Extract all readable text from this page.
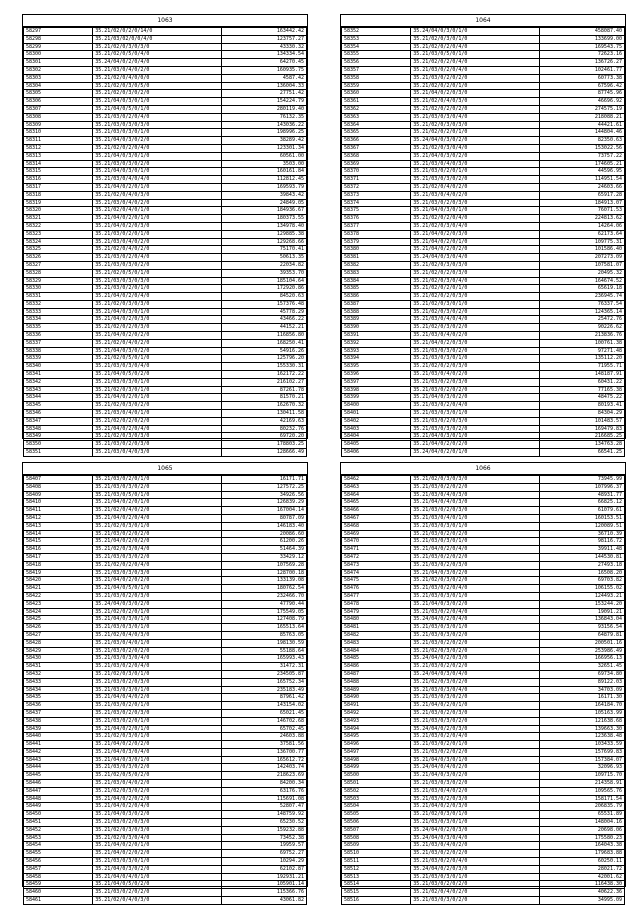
1063
58297	35.21/02/0/2/0/14/0	163442.42
58298	35.21/03/02/0/0/4/0	123757.27
58299	35.21/02/0/3/0/3/0	43330.32
58300	35.21/02/0/5/0/4/0	134334.54
58301	35.24/04/0/2/0/4/0	64270.45
58302	35.21/03/0/4/0/2/0	160935.75
58303	35.21/02/0/4/0/0/0	4587.42
58304	35.21/02/0/3/0/5/0	136004.33
58305	35.21/02/0/3/0/2/0	27751.42
58306	35.21/04/0/3/0/1/0	154224.79
58307	35.21/04/0/5/0/1/0	280119.40
58308	35.21/03/0/2/0/4/0	76132.35
58309	35.21/03/0/3/0/3/0	143036.22
58310	35.21/03/0/3/0/1/0	198996.25
58311	35.21/04/0/3/0/2/0	38289.42
58312	35.21/02/0/2/0/4/0	123301.34
58313	35.21/04/0/3/0/1/0	60561.00
58314	35.21/03/0/3/0/2/0	3503.00
58315	35.21/04/0/3/0/1/0	160161.84
58316	35.21/03/0/4/0/4/0	112812.45
58317	35.21/04/0/2/0/1/0	169593.79
58318	35.21/02/0/4/0/3/0	39843.42
58319	35.21/03/0/4/0/2/0	24849.05
58320	35.21/02/0/4/0/1/0	184936.67
58321	35.21/04/0/2/0/1/0	180373.55
58322	35.21/04/0/2/0/3/0	134978.40
58323	35.21/03/0/2/0/1/0	129885.38
58324	35.21/03/0/4/0/2/0	129268.66
58325	35.21/02/0/4/0/2/0	75170.41
58326	35.21/03/0/2/0/4/0	50613.35
58327	35.21/03/0/3/0/2/0	22034.82
58328	35.21/02/0/5/0/1/0	39353.70
58329	35.21/03/0/3/0/3/0	185104.64
58330	35.21/03/0/2/0/1/0	172920.86
58331	35.21/04/0/2/0/4/0	84520.63
58332	35.21/02/0/3/0/3/0	157376.48
58333	35.21/04/0/3/0/1/0	45778.29
58334	35.21/04/0/2/0/3/0	43466.22
58335	35.21/02/0/2/0/3/0	44152.21
58336	35.21/04/0/2/0/2/0	116856.80
58337	35.21/02/0/4/0/2/0	168250.41
58338	35.21/04/0/3/0/2/0	54916.26
58339	35.21/02/0/5/0/1/0	125796.20
58340	35.21/03/0/3/0/4/0	155330.31
58341	35.21/04/0/5/0/2/0	162172.22
58342	35.21/03/0/3/0/1/0	216102.27
58343	35.21/02/0/3/0/1/0	87261.78
58344	35.21/04/0/2/0/1/0	81570.21
58345	35.21/02/0/3/0/2/0	162670.32
58346	35.21/03/0/4/0/1/0	130411.58
58347	35.21/02/0/2/0/2/0	42169.63
58348	35.21/04/0/2/0/4/0	80232.76
58349	35.21/02/0/3/0/3/0	69720.20
58350	35.21/03/0/2/0/3/0	178803.25
58351	35.21/03/0/4/0/3/0	128666.49
1064
58352	35.24/04/0/3/0/1/0	458087.40
58353	35.21/02/0/3/0/1/0	133699.00
58354	35.21/02/0/2/0/4/0	169543.75
58355	35.21/03/0/5/0/1/0	72623.16
58356	35.21/02/0/2/0/4/0	136726.27
58357	35.21/03/0/2/0/4/0	102461.77
58358	35.21/03/0/2/0/2/0	60773.38
58359	35.21/02/0/2/0/1/0	67596.42
58360	35.21/04/0/2/0/3/0	87745.96
58361	35.21/02/0/4/0/3/0	46696.92
58362	35.21/02/0/2/0/2/0	274575.19
58363	35.21/03/0/3/0/4/0	218088.21
58364	35.21/02/0/3/0/3/0	44421.61
58365	35.21/02/0/2/0/1/0	144804.46
58366	35.24/04/0/3/0/2/0	82350.63
58367	35.21/02/0/3/0/4/0	153022.56
58368	35.21/04/0/3/0/2/0	73757.22
58369	35.21/03/0/4/0/3/0	174605.21
58370	35.21/03/0/2/0/1/0	44596.95
58371	35.21/03/0/3/0/2/0	114951.54
58372	35.21/02/0/4/0/2/0	24603.66
58373	35.21/03/0/4/0/2/0	65917.28
58374	35.21/03/0/2/0/3/0	184913.07
58375	35.21/04/0/3/0/1/0	76071.53
58376	35.21/02/0/2/0/4/0	224813.62
58377	35.21/02/0/3/0/4/0	14264.06
58378	35.21/04/0/2/0/3/0	62173.64
58379	35.21/04/0/2/0/1/0	109775.31
58380	35.21/04/0/2/0/2/0	101586.40
58381	35.24/04/0/3/0/4/0	207273.09
58382	35.21/02/0/3/0/3/0	107581.07
58383	35.21/02/0/2/0/3/0	20495.32
58384	35.21/02/0/3/0/4/0	164674.52
58385	35.21/02/0/2/0/1/0	65619.18
58386	35.21/02/0/2/0/3/0	236945.74
58387	35.21/02/0/3/0/1/0	76337.54
58388	35.21/02/0/3/0/2/0	124365.14
58389	35.21/03/0/4/0/4/0	25472.76
58390	35.21/02/0/3/0/2/0	90226.62
58391	35.21/03/0/4/0/2/0	213836.76
58392	35.21/04/0/2/0/3/0	100761.38
58393	35.21/03/0/3/0/2/0	97271.48
58394	35.21/03/0/3/0/1/0	135112.20
58395	35.21/02/0/2/0/3/0	71955.71
58396	35.21/03/0/4/0/2/0	148187.91
58397	35.21/03/0/2/0/3/0	60431.22
58398	35.21/03/0/2/0/2/0	77165.38
58399	35.21/04/0/3/0/2/0	48475.22
58400	35.21/03/0/2/0/4/0	80193.41
58401	35.21/03/0/3/0/1/0	84304.29
58402	35.21/03/0/2/0/3/0	101483.57
58403	35.21/03/0/3/0/2/0	169479.83
58404	35.21/04/0/3/0/1/0	216685.25
58405	35.21/04/0/2/0/2/0	134763.28
58406	35.24/04/0/2/0/1/0	66541.25
1065
58407	35.21/03/0/2/0/1/0	16171.71
58408	35.21/03/0/3/0/2/0	127572.25
58409	35.21/03/0/5/0/1/0	34926.56
58410	35.21/04/0/2/0/1/0	126839.29
58411	35.21/02/0/4/0/2/0	167004.14
58412	35.21/04/0/2/0/4/0	80787.09
58413	35.21/02/0/3/0/1/0	146183.40
58414	35.21/03/0/2/0/2/0	20086.60
58415	35.21/04/0/2/0/2/0	61200.26
58416	35.21/02/0/3/0/4/0	51464.39
58417	35.21/03/0/3/0/2/0	33429.12
58418	35.21/02/0/2/0/4/0	107569.28
58419	35.21/03/0/3/0/3/0	128700.18
58420	35.21/04/0/2/0/2/0	133139.08
58421	35.21/04/0/5/0/1/0	180762.54
58422	35.21/03/0/2/0/3/0	232466.70
58423	35.24/04/0/3/0/2/0	47790.44
58424	35.21/02/0/2/0/1/0	175549.05
58425	35.21/04/0/3/0/1/0	127408.79
58426	35.21/03/0/3/0/1/0	165513.64
58427	35.21/02/0/4/0/3/0	85763.05
58428	35.21/03/0/4/0/1/0	198130.59
58429	35.21/03/0/2/0/2/0	55188.64
58430	35.21/03/0/3/0/4/0	165993.43
58431	35.21/03/0/2/0/4/0	31472.31
58432	35.21/02/0/3/0/1/0	234505.87
58433	35.21/03/0/2/0/3/0	165752.34
58434	35.21/03/0/3/0/1/0	235183.49
58435	35.21/04/0/4/0/2/0	87961.42
58436	35.21/03/0/2/0/1/0	143154.02
58437	35.21/03/0/2/0/3/0	65021.45
58438	35.21/03/0/2/0/1/0	146702.68
58439	35.21/04/0/2/0/1/0	65702.45
58440	35.21/02/0/3/0/1/0	24603.88
58441	35.21/04/0/2/0/2/0	37581.56
58442	35.21/04/0/3/0/4/0	136700.77
58443	35.21/04/0/3/0/1/0	165612.72
58444	35.21/03/0/3/0/2/0	142403.74
58445	35.21/02/0/5/0/2/0	218623.69
58446	35.21/03/0/4/0/2/0	84200.34
58447	35.21/02/0/3/0/2/0	63176.76
58448	35.21/04/0/2/0/2/0	115691.08
58449	35.21/04/0/2/0/4/0	52807.47
58450	35.21/04/0/3/0/2/0	148759.92
58451	35.21/03/0/2/0/3/0	65230.52
58452	35.21/02/0/3/0/3/0	159232.88
58453	35.21/02/0/3/0/4/0	73452.38
58454	35.21/04/0/2/0/1/0	19959.57
58455	35.21/04/0/2/0/2/0	69752.27
58456	35.21/03/0/3/0/1/0	10294.29
58457	35.21/04/0/3/0/2/0	62102.87
58458	35.21/04/0/4/0/1/0	192931.21
58459	35.21/04/0/5/0/2/0	105901.14
58460	35.21/03/0/2/0/2/0	115366.76
58461	35.21/02/0/4/0/3/0	43061.82
1066
58462	35.21/02/0/3/0/3/0	73945.99
58463	35.21/03/0/2/0/2/0	107996.37
58464	35.21/03/0/4/0/3/0	48931.77
58465	35.21/04/0/4/0/3/0	66825.12
58466	35.21/03/0/2/0/3/0	61079.61
58467	35.21/03/0/4/0/1/0	160153.51
58468	35.21/03/0/3/0/1/0	120089.51
58469	35.21/03/0/2/0/2/0	36710.39
58470	35.21/03/0/3/0/1/0	98116.72
58471	35.21/04/0/2/0/4/0	39911.48
58472	35.21/03/0/2/0/2/0	144530.81
58473	35.21/03/0/2/0/3/0	27493.18
58474	35.21/04/0/3/0/2/0	16508.20
58475	35.21/02/0/3/0/2/0	69703.82
58476	35.21/03/0/2/0/4/0	106155.02
58477	35.21/03/0/3/0/1/0	124493.21
58478	35.21/04/0/3/0/2/0	153244.20
58479	35.21/03/0/2/0/4/0	19091.21
58480	35.24/04/0/2/0/4/0	136843.04
58481	35.21/03/0/3/0/1/0	93156.54
58482	35.21/03/0/3/0/2/0	64879.81
58483	35.21/03/0/2/0/2/0	200501.16
58484	35.21/02/0/3/0/2/0	253986.49
58485	35.24/04/0/2/0/3/0	166956.13
58486	35.21/03/0/2/0/2/0	32651.45
58487	35.24/04/0/3/0/4/0	69734.80
58488	35.21/02/0/3/0/2/0	89122.03
58489	35.21/03/0/3/0/4/0	34703.09
58490	35.21/03/0/3/0/2/0	16171.30
58491	35.21/04/0/2/0/1/0	164184.70
58492	35.21/03/0/2/0/3/0	105163.99
58493	35.21/03/0/3/0/2/0	121638.68
58494	35.24/04/0/2/0/3/0	139663.30
58495	35.21/03/0/2/0/4/0	123638.48
58496	35.21/03/0/2/0/1/0	103433.59
58497	35.21/03/0/2/0/2/0	157699.83
58498	35.21/04/0/3/0/1/0	157384.07
58499	35.24/04/0/4/0/2/0	32096.93
58500	35.21/04/0/3/0/2/0	109715.70
58501	35.21/03/0/3/0/2/0	214358.91
58502	35.21/03/0/4/0/2/0	109565.76
58503	35.21/03/0/2/0/3/0	158171.54
58504	35.21/04/0/2/0/3/0	206835.79
58505	35.21/02/0/3/0/1/0	65531.89
58506	35.21/03/0/3/0/1/0	148004.16
58507	35.24/04/0/2/0/3/0	20698.06
58508	35.24/04/0/3/0/4/0	175580.23
58509	35.21/03/0/4/0/2/0	164043.38
58510	35.21/03/0/2/0/2/0	179683.88
58511	35.21/03/0/2/0/4/0	60250.11
58512	35.24/04/0/2/0/3/0	28021.72
58513	35.21/03/0/3/0/1/0	42001.62
58514	35.21/03/0/2/0/2/0	116438.30
58515	35.21/02/0/4/0/2/0	40622.36
58516	35.21/03/0/3/0/2/0	34995.09
